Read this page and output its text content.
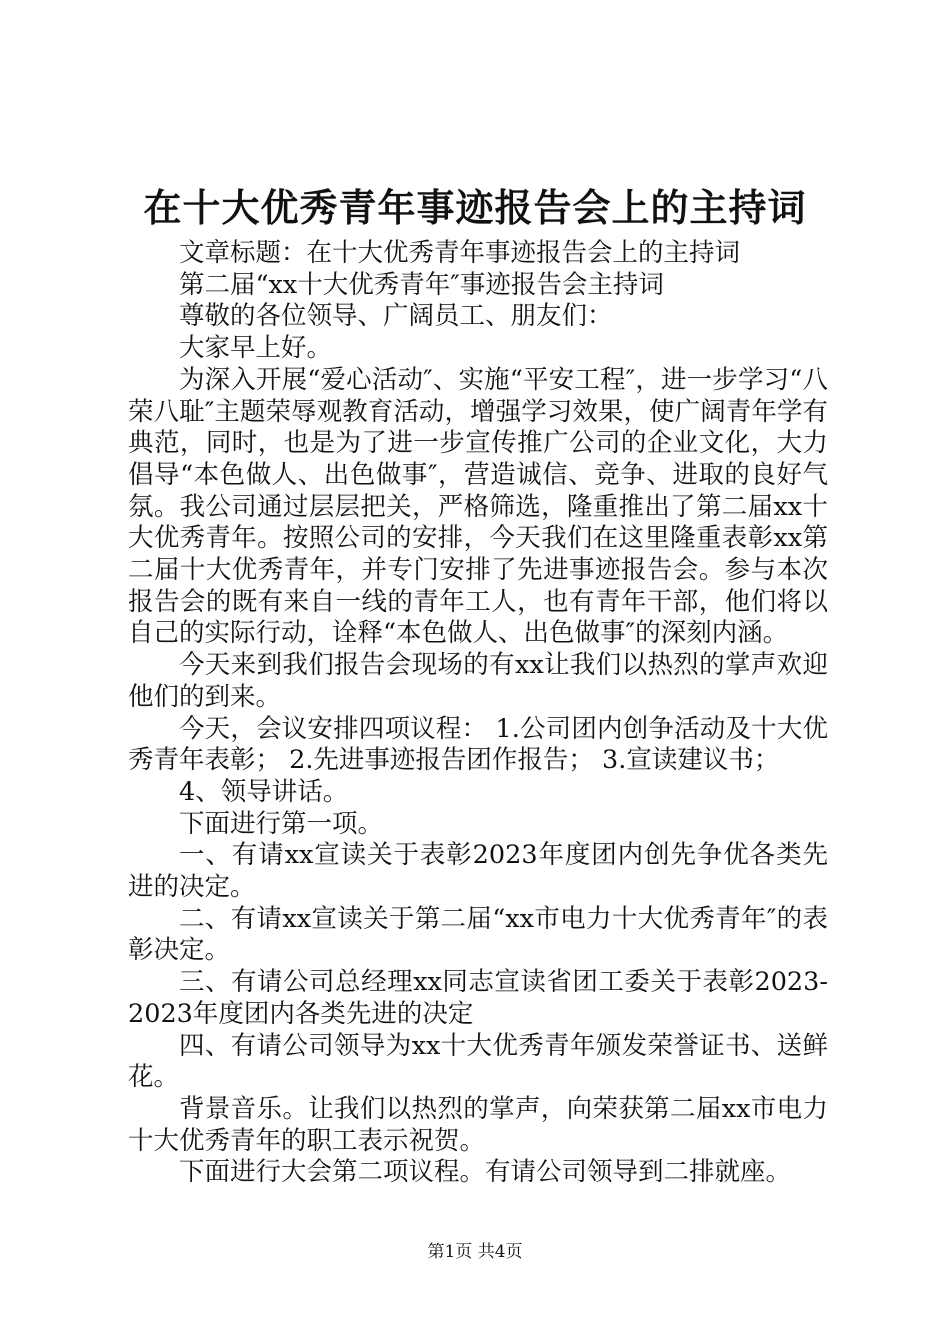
在十大优秀青年事迹报告会上的主持词

文章标题：在十大优秀青年事迹报告会上的主持词

第二届“xx十大优秀青年″事迹报告会主持词

尊敬的各位领导、广阔员工、朋友们：

大家早上好。

为深入开展“爱心活动″、实施“平安工程″，进一步学习“八荣八耻″主题荣辱观教育活动，增强学习效果，使广阔青年学有典范，同时，也是为了进一步宣传推广公司的企业文化，大力倡导“本色做人、出色做事″，营造诚信、竞争、进取的良好气氛。我公司通过层层把关，严格筛选，隆重推出了第二届xx十大优秀青年。按照公司的安排，今天我们在这里隆重表彰xx第二届十大优秀青年，并专门安排了先进事迹报告会。参与本次报告会的既有来自一线的青年工人，也有青年干部，他们将以自己的实际行动，诠释“本色做人、出色做事″的深刻内涵。

今天来到我们报告会现场的有xx让我们以热烈的掌声欢迎他们的到来。

今天，会议安排四项议程： 1.公司团内创争活动及十大优秀青年表彰； 2.先进事迹报告团作报告； 3.宣读建议书；

4、领导讲话。

下面进行第一项。

一、有请xx宣读关于表彰2023年度团内创先争优各类先进的决定。

二、有请xx宣读关于第二届“xx市电力十大优秀青年″的表彰决定。

三、有请公司总经理xx同志宣读省团工委关于表彰2023-2023年度团内各类先进的决定

四、有请公司领导为xx十大优秀青年颁发荣誉证书、送鲜花。

背景音乐。让我们以热烈的掌声，向荣获第二届xx市电力十大优秀青年的职工表示祝贺。

下面进行大会第二项议程。有请公司领导到二排就座。

第1页 共4页
